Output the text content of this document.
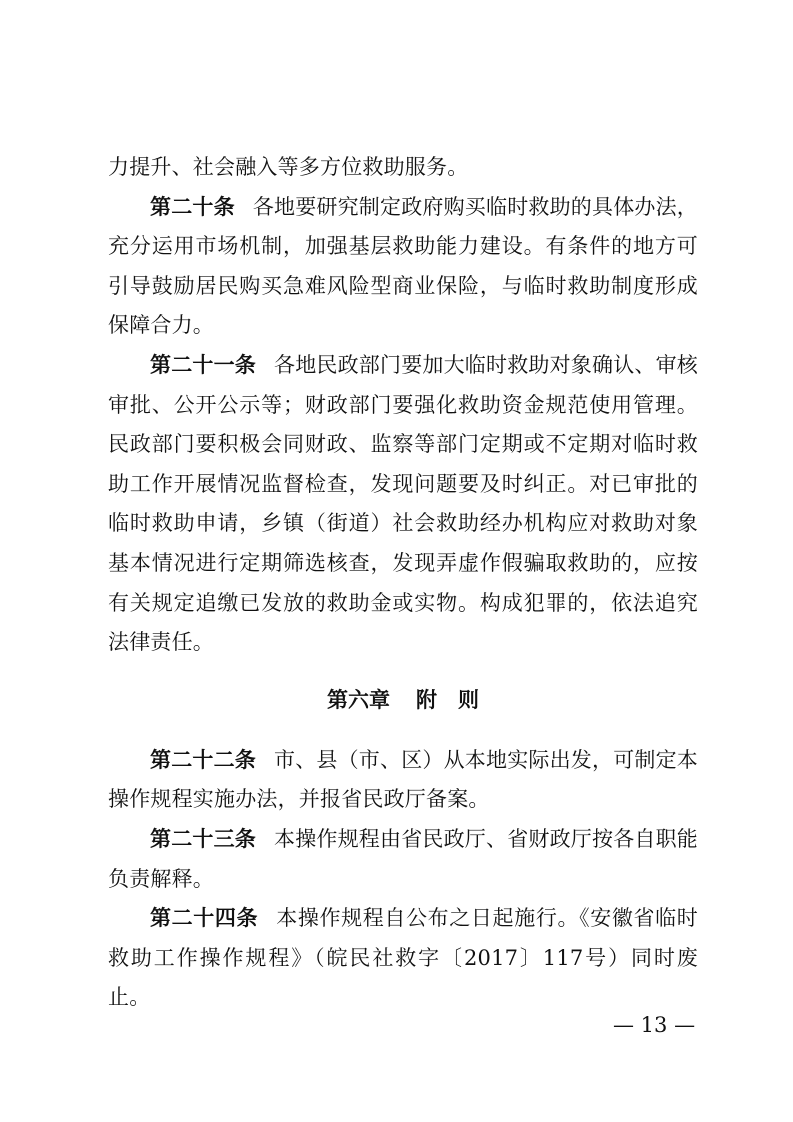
力提升、社会融入等多方位救助服务。

第二十条 各地要研究制定政府购买临时救助的具体办法，充分运用市场机制，加强基层救助能力建设。有条件的地方可引导鼓励居民购买急难风险型商业保险，与临时救助制度形成保障合力。

第二十一条 各地民政部门要加大临时救助对象确认、审核审批、公开公示等；财政部门要强化救助资金规范使用管理。民政部门要积极会同财政、监察等部门定期或不定期对临时救助工作开展情况监督检查，发现问题要及时纠正。对已审批的临时救助申请，乡镇（街道）社会救助经办机构应对救助对象基本情况进行定期筛选核查，发现弄虚作假骗取救助的，应按有关规定追缴已发放的救助金或实物。构成犯罪的，依法追究法律责任。

第六章 附　则

第二十二条 市、县（市、区）从本地实际出发，可制定本操作规程实施办法，并报省民政厅备案。

第二十三条 本操作规程由省民政厅、省财政厅按各自职能负责解释。

第二十四条 本操作规程自公布之日起施行。《安徽省临时救助工作操作规程》（皖民社救字〔2017〕117号）同时废止。

— 13 —
